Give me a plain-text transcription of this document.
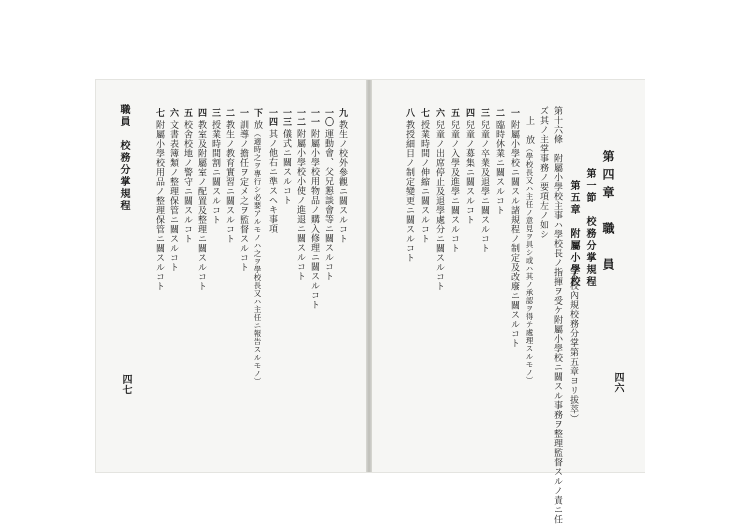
職員　校務分掌規程
四七
九教生ノ校外參觀ニ關スルコト
一〇運動會、父兄懇談會等ニ關スルコト
一一附屬小學校用物品ノ購入修理ニ關スルコト
一二附屬小學校小使ノ進退ニ關スルコト
一三儀式ニ關スルコト
一四其ノ他右ニ準スヘキ事項
下放（適時之ヲ專行シ必要アルモノハ之ヲ學校長又ハ主任ニ報告スルモノ）
一訓導ノ擔任ヲ定メ之ヲ監督スルコト
二教生ノ教育實習ニ關スルコト
三授業時間割ニ關スルコト
四教室及附屬室ノ配置及整理ニ關スルコト
五校舍校地ノ警守ニ關スルコト
六文書表簿類ノ整理保管ニ關スルコト
七附屬小學校用品ノ整理保管ニ關スルコト
四六
第四章　職　員
第一節　校務分掌規程
第五章　附屬小學校
（本校內規校務分掌第五章ヨリ拔萃）
第十六條　附屬小學校主事ハ學校長ノ指揮ヲ受ケ附屬小學校ニ關スル事務ヲ整理監督スルノ責ニ任
ズ其ノ主掌事務ノ要項左ノ如シ
上　放（學校長又ハ主任ノ意見ヲ具シ或ハ其ノ承認ヲ得テ處理スルモノ）
一附屬小學校ニ關スル諸規程ノ制定及改廢ニ關スルコト
二臨時休業ニ關スルコト
三兒童ノ卒業及退學ニ關スルコト
四兒童ノ募集ニ關スルコト
五兒童ノ入學及進學ニ關スルコト
六兒童ノ出席停止及退學處分ニ關スルコト
七授業時間ノ伸縮ニ關スルコト
八教授細目ノ制定變更ニ關スルコト
